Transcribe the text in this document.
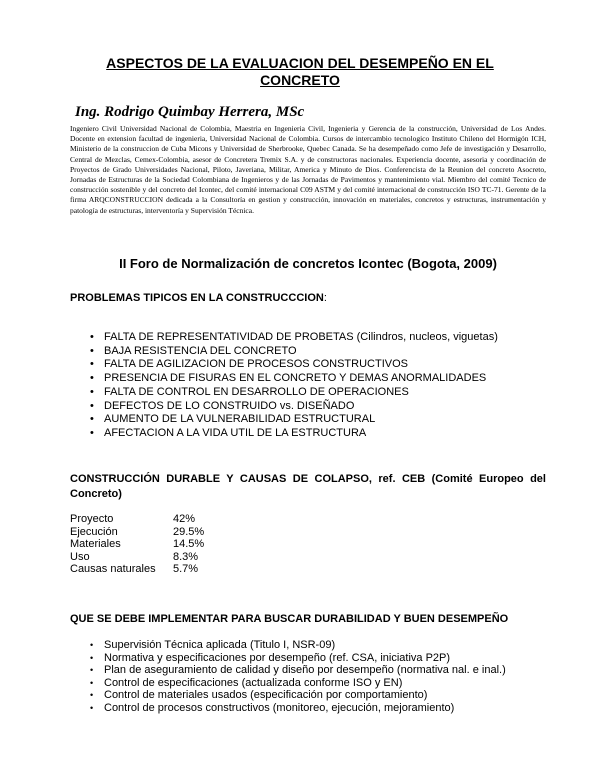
ASPECTOS DE LA EVALUACION DEL DESEMPEÑO EN EL CONCRETO
Ing. Rodrigo Quimbay Herrera, MSc
Ingeniero Civil Universidad Nacional de Colombia, Maestria en Ingenieria Civil, Ingenieria y Gerencia de la construcción, Universidad de Los Andes. Docente en extension facultad de ingenieria, Universidad Nacional de Colombia. Cursos de intercambio tecnologico Instituto Chileno del Hormigón ICH, Ministerio de la construccion de Cuba Micons y Universidad de Sherbrooke, Quebec Canada. Se ha desempeñado como Jefe de investigación y Desarrollo, Central de Mezclas, Cemex-Colombia, asesor de Concretera Tremix S.A. y de constructoras nacionales. Experiencia docente, asesoria y coordinación de Proyectos de Grado Universidades Nacional, Piloto, Javeriana, Militar, America y Minuto de Dios. Conferencista de la Reunion del concreto Asocreto, Jornadas de Estructuras de la Sociedad Colombiana de Ingenieros y de las Jornadas de Pavimentos y mantenimiento vial. Miembro del comité Tecnico de construcción sostenible y del concreto del Icontec, del comité internacional C09 ASTM y del comité internacional de construcción ISO TC-71. Gerente de la firma ARQCONSTRUCCION dedicada a la Consultoría en gestion y construcción, innovación en materiales, concretos y estructuras, instrumentación y patología de estructuras, interventoría y Supervisión Técnica.
II Foro de Normalización de concretos Icontec (Bogota, 2009)
PROBLEMAS TIPICOS EN LA CONSTRUCCCION:
• FALTA DE REPRESENTATIVIDAD DE PROBETAS (Cilindros, nucleos, viguetas)
• BAJA RESISTENCIA DEL CONCRETO
• FALTA DE AGILIZACION DE PROCESOS CONSTRUCTIVOS
• PRESENCIA DE FISURAS EN EL CONCRETO Y DEMAS ANORMALIDADES
• FALTA DE CONTROL EN DESARROLLO DE OPERACIONES
• DEFECTOS DE LO CONSTRUIDO vs. DISEÑADO
• AUMENTO DE LA VULNERABILIDAD ESTRUCTURAL
• AFECTACION A LA VIDA UTIL DE LA ESTRUCTURA
CONSTRUCCIÓN DURABLE Y CAUSAS DE COLAPSO, ref. CEB (Comité Europeo del Concreto)
Proyecto	42%
Ejecución	29.5%
Materiales	14.5%
Uso	8.3%
Causas naturales	5.7%
QUE SE DEBE IMPLEMENTAR PARA BUSCAR DURABILIDAD Y BUEN DESEMPEÑO
• Supervisión Técnica aplicada (Titulo I, NSR-09)
• Normativa y especificaciones por desempeño (ref. CSA, iniciativa P2P)
• Plan de aseguramiento de calidad y diseño por desempeño (normativa nal. e inal.)
• Control de especificaciones (actualizada conforme ISO y EN)
• Control de materiales usados (especificación por comportamiento)
• Control de procesos constructivos (monitoreo, ejecución, mejoramiento)
